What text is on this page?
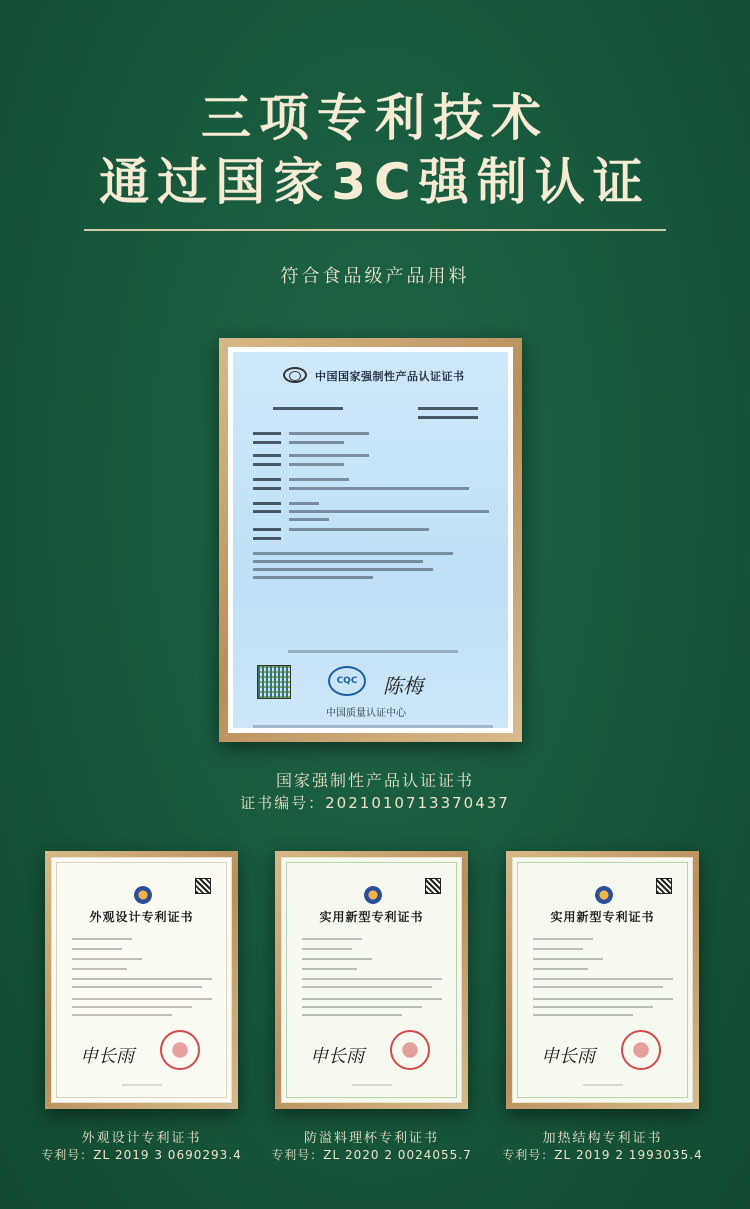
三项专利技术
通过国家3C强制认证
符合食品级产品用料
中国国家强制性产品认证证书
CQC	陈梅
中国质量认证中心
国家强制性产品认证证书
证书编号：2021010713370437
外观设计专利证书
申长雨
实用新型专利证书
申长雨
实用新型专利证书
申长雨
外观设计专利证书
专利号：ZL 2019 3 0690293.4
防溢料理杯专利证书
专利号：ZL 2020 2 0024055.7
加热结构专利证书
专利号：ZL 2019 2 1993035.4
